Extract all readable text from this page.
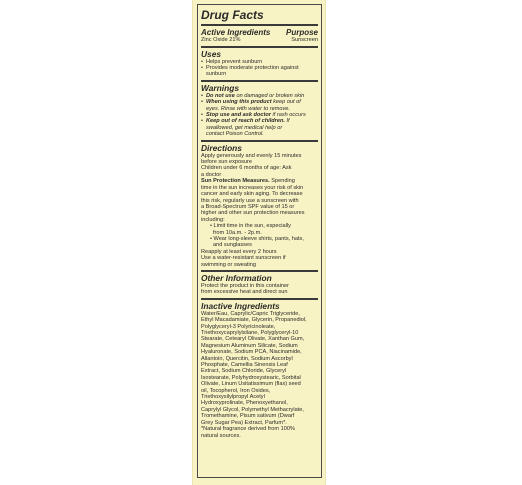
Drug Facts
Active Ingredients Purpose
Zinc Oxide 21%	Sunscreen
Uses
• Helps prevent sunburn
• Provides moderate protection against
sunburn
Warnings
• Do not use on damaged or broken skin
• When using this product keep out of
eyes. Rinse with water to remove.
• Stop use and ask doctor if rash occurs
• Keep out of reach of children. If
swallowed, get medical help or
contact Poison Control.
Directions
Apply generously and evenly 15 minutes
before sun exposure
Children under 6 months of age: Ask
a doctor
Sun Protection Measures. Spending
time in the sun increases your risk of skin
cancer and early skin aging. To decrease
this risk, regularly use a sunscreen with
a Broad-Spectrum SPF value of 15 or
higher and other sun protection measures
including:
• Limit time in the sun, especially
from 10a.m. - 2p.m.
• Wear long-sleeve shirts, pants, hats,
and sunglasses
Reapply at least every 2 hours
Use a water-resistant sunscreen if
swimming or sweating
Other Information
Protect the product in this container
from excessive heat and direct sun
Inactive Ingredients
Water/Eau, Caprylic/Capric Triglyceride,
Ethyl Macadamiate, Glycerin, Propanediol,
Polyglyceryl-3 Polyricinoleate,
Triethoxycaprylylsilane, Polyglyceryl-10
Stearate, Cetearyl Olivate, Xanthan Gum,
Magnesium Aluminum Silicate, Sodium
Hyaluronate, Sodium PCA, Niacinamide,
Allantoin, Quercitin, Sodium Ascorbyl
Phosphate, Camellia Sinensis Leaf
Extract, Sodium Chloride, Glyceryl
Isostearate, Polyhydroxystearic, Sorbital
Olivate, Linum Usitatissimum (flax) seed
oil, Tocopherol, Iron Oxides,
Triethoxysilylpropyl Acetyl
Hydroxyprolinate, Phenoxyethanol,
Caprylyl Glycol, Polymethyl Methacrylate,
Tromethamine, Pisum sativum (Dwarf
Grey Sugar Pea) Extract, Parfum*.
*Natural fragrance derived from 100%
natural sources.
